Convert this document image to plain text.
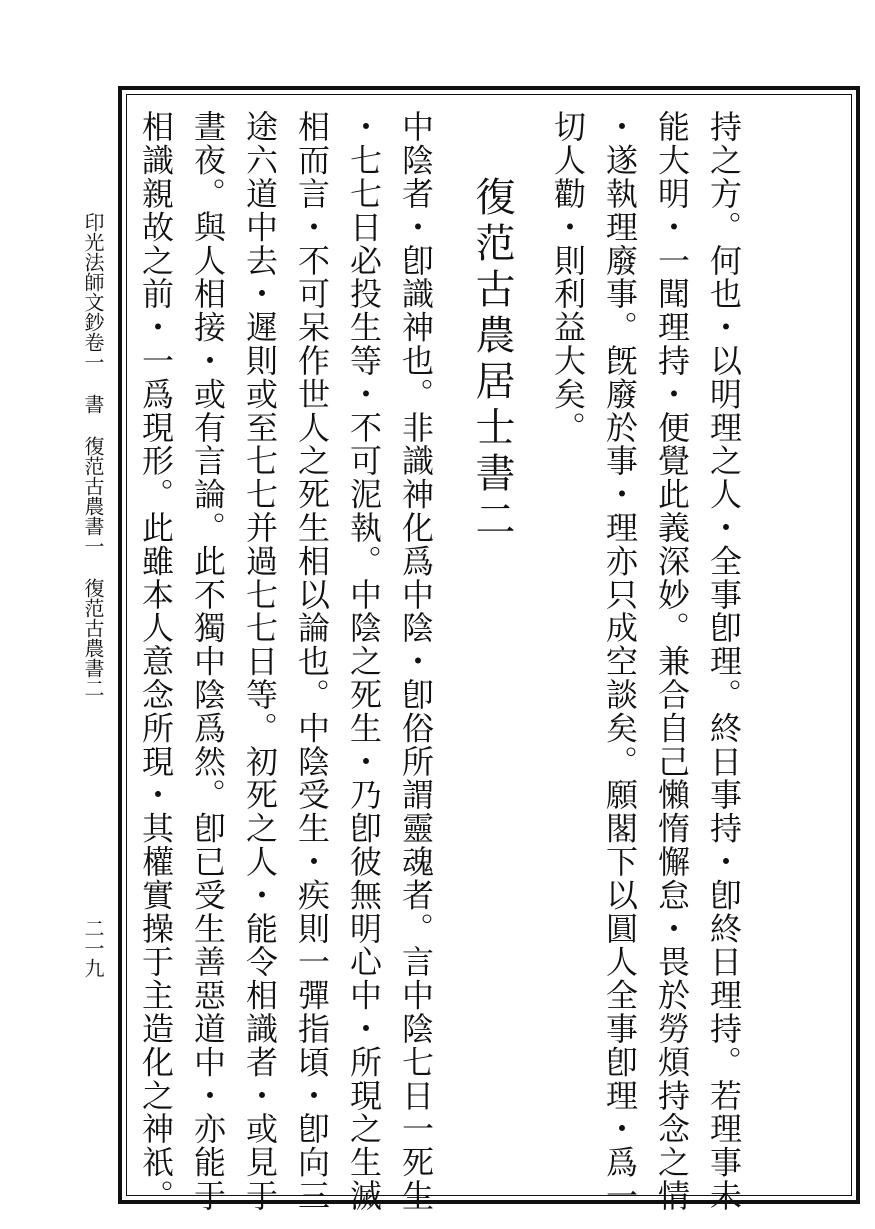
印光法師文鈔卷一書復范古農書一復范古農書二
二一九	持之方。何也・以明理之人・全事卽理。終日事持・卽終日理持。若理事未
能大明・一聞理持・便覺此義深妙。兼合自己懶惰懈怠・畏於勞煩持念之情
・遂執理廢事。旣廢於事・理亦只成空談矣。願閣下以圓人全事卽理・爲一
切人勸・則利益大矣。
復范古農居士書二
中陰者・卽識神也。非識神化爲中陰・卽俗所謂靈魂者。言中陰七日一死生
・七七日必投生等・不可泥執。中陰之死生・乃卽彼無明心中・所現之生滅
相而言・不可呆作世人之死生相以論也。中陰受生・疾則一彈指頃・卽向三
途六道中去・遲則或至七七并過七七日等。初死之人・能令相識者・或見于
晝夜。與人相接・或有言論。此不獨中陰爲然。卽已受生善惡道中・亦能于
相識親故之前・一爲現形。此雖本人意念所現・其權實操于主造化之神祇。
